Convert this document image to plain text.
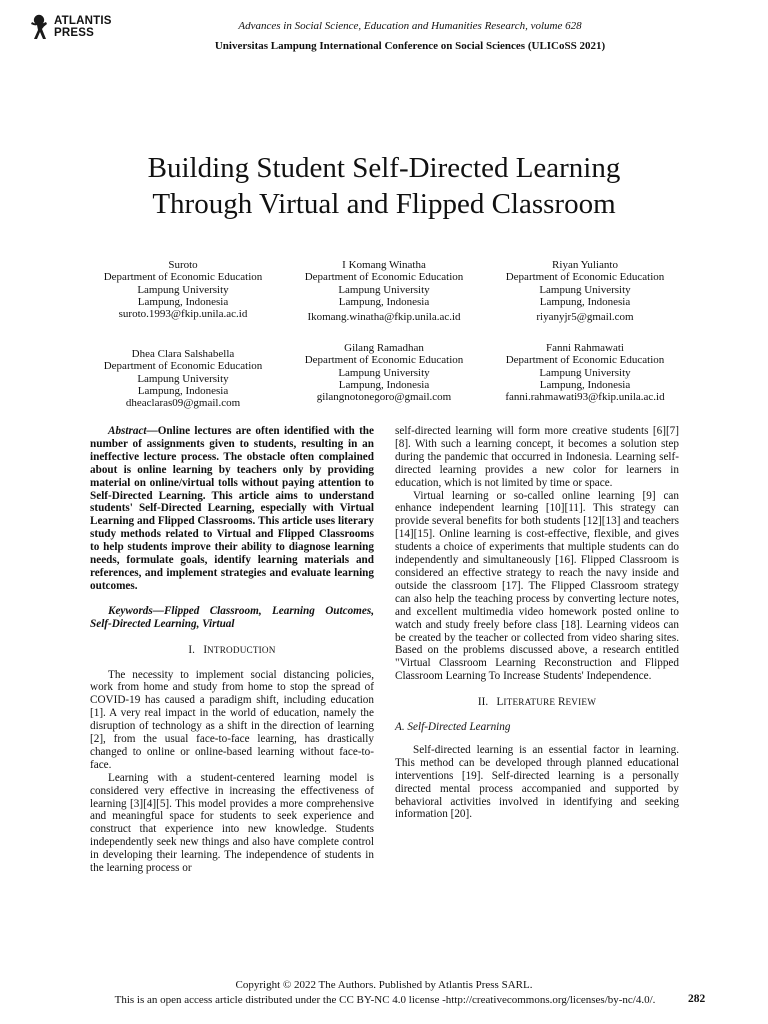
ATLANTIS
PRESS
Advances in Social Science, Education and Humanities Research, volume 628
Universitas Lampung International Conference on Social Sciences (ULICoSS 2021)
Building Student Self-Directed Learning
Through Virtual and Flipped Classroom
Suroto
Department of Economic Education
Lampung University
Lampung, Indonesia
suroto.1993@fkip.unila.ac.id
I Komang Winatha
Department of Economic Education
Lampung University
Lampung, Indonesia
Ikomang.winatha@fkip.unila.ac.id
Riyan Yulianto
Department of Economic Education
Lampung University
Lampung, Indonesia
riyanyjr5@gmail.com
Dhea Clara Salshabella
Department of Economic Education
Lampung University
Lampung, Indonesia
dheaclaras09@gmail.com
Gilang Ramadhan
Department of Economic Education
Lampung University
Lampung, Indonesia
gilangnotonegoro@gmail.com
Fanni Rahmawati
Department of Economic Education
Lampung University
Lampung, Indonesia
fanni.rahmawati93@fkip.unila.ac.id

Abstract—Online lectures are often identified with the number of assignments given to students, resulting in an ineffective lecture process. The obstacle often complained about is online learning by teachers only by providing material on online/virtual tolls without paying attention to Self-Directed Learning. This article aims to understand students' Self-Directed Learning, especially with Virtual Learning and Flipped Classrooms. This article uses literary study methods related to Virtual and Flipped Classrooms to help students improve their ability to diagnose learning needs, formulate goals, identify learning materials and references, and implement strategies and evaluate learning outcomes.

Keywords—Flipped Classroom, Learning Outcomes, Self-Directed Learning, Virtual

I. INTRODUCTION

The necessity to implement social distancing policies, work from home and study from home to stop the spread of COVID-19 has caused a paradigm shift, including education [1]. A very real impact in the world of education, namely the disruption of technology as a shift in the direction of learning [2], from the usual face-to-face learning, has drastically changed to online or online-based learning without face-to-face.

Learning with a student-centered learning model is considered very effective in increasing the effectiveness of learning [3][4][5]. This model provides a more comprehensive and meaningful space for students to seek experience and construct that experience into new knowledge. Students independently seek new things and also have complete control in developing their learning. The independence of students in the learning process or

self-directed learning will form more creative students [6][7][8]. With such a learning concept, it becomes a solution step during the pandemic that occurred in Indonesia. Learning self-directed learning provides a new color for learners in education, which is not limited by time or space.

Virtual learning or so-called online learning [9] can enhance independent learning [10][11]. This strategy can provide several benefits for both students [12][13] and teachers [14][15]. Online learning is cost-effective, flexible, and gives students a choice of experiments that multiple students can do independently and simultaneously [16]. Flipped Classroom is considered an effective strategy to reach the navy inside and outside the classroom [17]. The Flipped Classroom strategy can also help the teaching process by converting lecture notes, and excellent multimedia video homework posted online to watch and study freely before class [18]. Learning videos can be created by the teacher or collected from video sharing sites. Based on the problems discussed above, a research entitled "Virtual Classroom Learning Reconstruction and Flipped Classroom Learning To Increase Students' Independence.

II. LITERATURE REVIEW

A. Self-Directed Learning

Self-directed learning is an essential factor in learning. This method can be developed through planned educational interventions [19]. Self-directed learning is a personally directed mental process accompanied and supported by behavioral activities involved in identifying and seeking information [20].

Copyright © 2022 The Authors. Published by Atlantis Press SARL.
This is an open access article distributed under the CC BY-NC 4.0 license -http://creativecommons.org/licenses/by-nc/4.0/.	282
